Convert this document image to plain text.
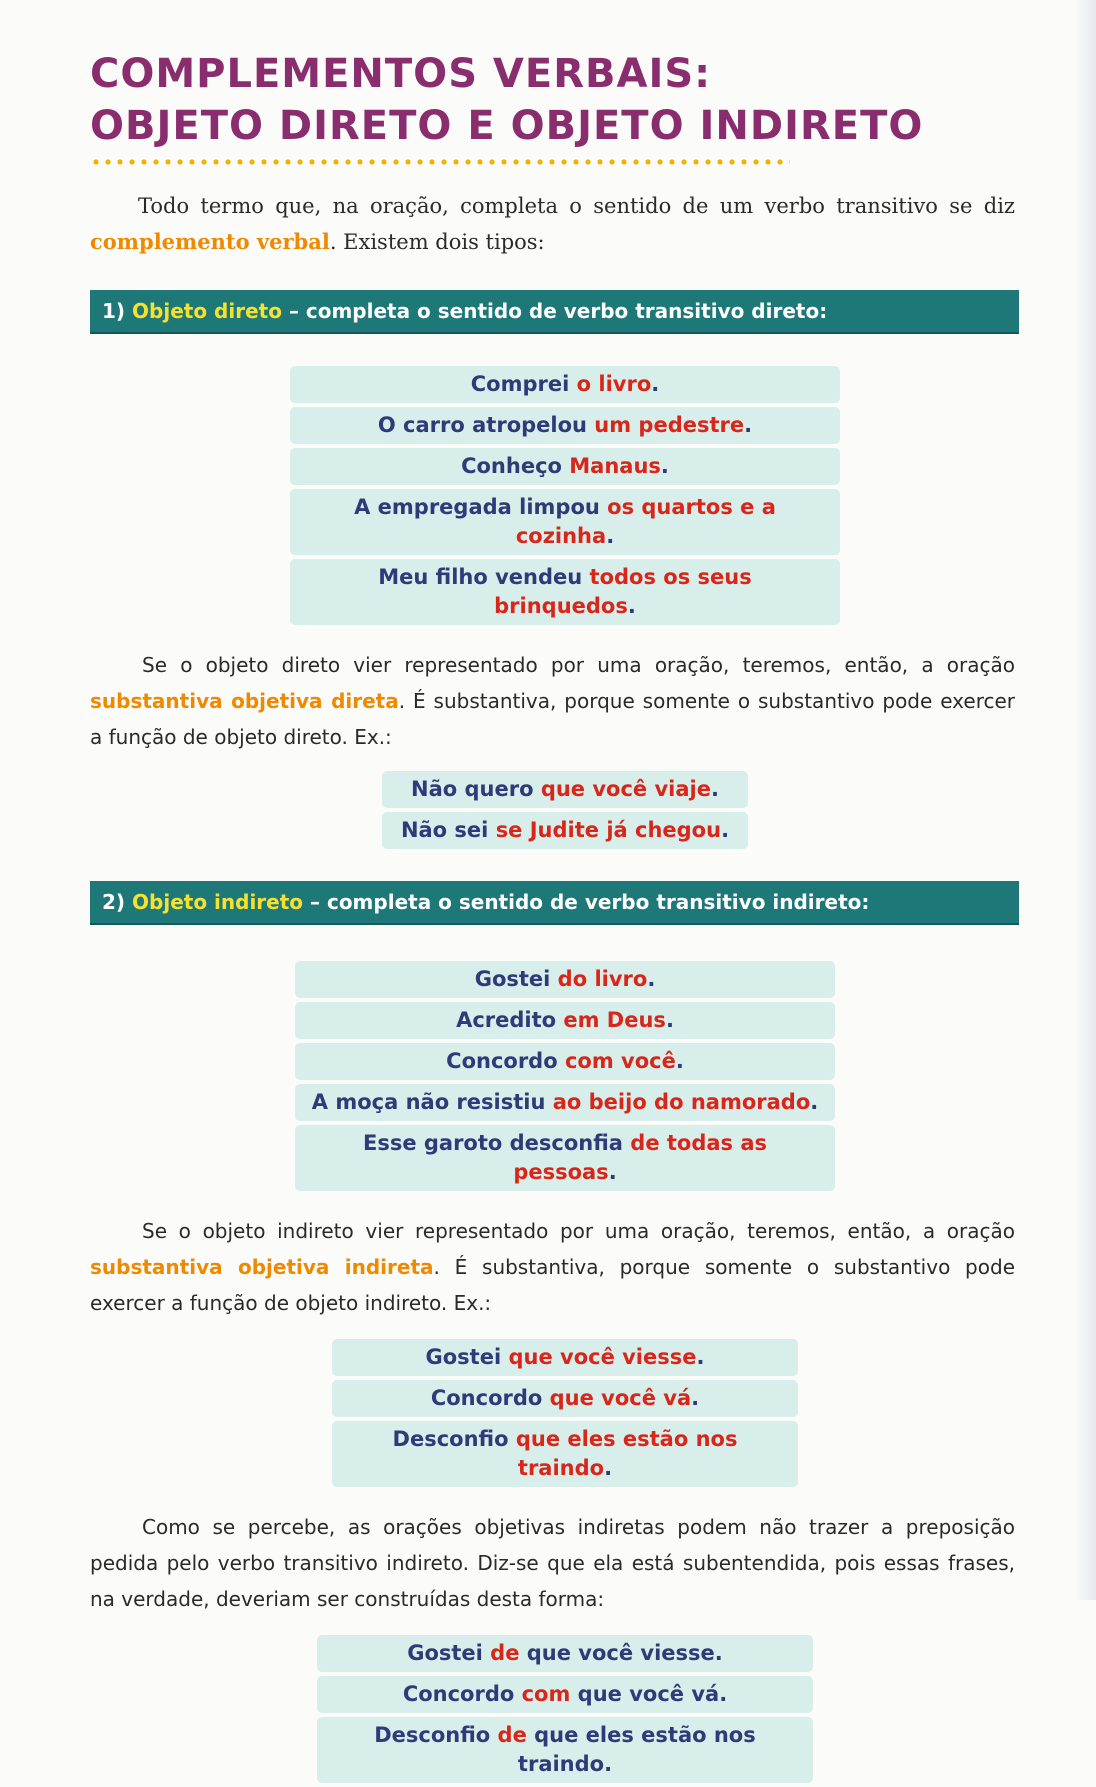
COMPLEMENTOS VERBAIS:
OBJETO DIRETO E OBJETO INDIRETO

Todo termo que, na oração, completa o sentido de um verbo transitivo se diz complemento verbal. Existem dois tipos:

1) Objeto direto – completa o sentido de verbo transitivo direto:
Comprei o livro.
O carro atropelou um pedestre.
Conheço Manaus.
A empregada limpou os quartos e a cozinha.
Meu filho vendeu todos os seus brinquedos.

Se o objeto direto vier representado por uma oração, teremos, então, a oração substantiva objetiva direta. É substantiva, porque somente o substantivo pode exercer a função de objeto direto. Ex.:

Não quero que você viaje.
Não sei se Judite já chegou.
2) Objeto indireto – completa o sentido de verbo transitivo indireto:
Gostei do livro.
Acredito em Deus.
Concordo com você.
A moça não resistiu ao beijo do namorado.
Esse garoto desconfia de todas as pessoas.

Se o objeto indireto vier representado por uma oração, teremos, então, a oração substantiva objetiva indireta. É substantiva, porque somente o substantivo pode exercer a função de objeto indireto. Ex.:

Gostei que você viesse.
Concordo que você vá.
Desconfio que eles estão nos traindo.

Como se percebe, as orações objetivas indiretas podem não trazer a preposição pedida pelo verbo transitivo indireto. Diz-se que ela está subentendida, pois essas frases, na verdade, deveriam ser construídas desta forma:

Gostei de que você viesse.
Concordo com que você vá.
Desconfio de que eles estão nos traindo.
